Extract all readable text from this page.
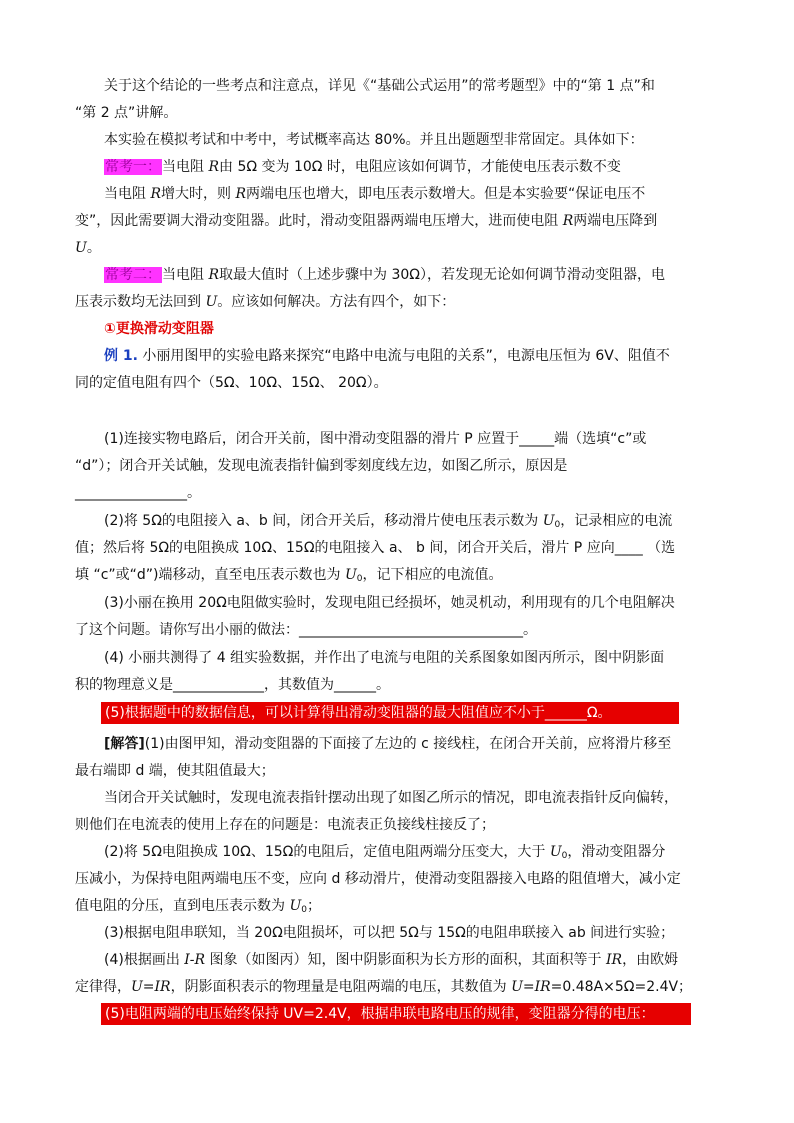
关于这个结论的一些考点和注意点，详见《“基础公式运用”的常考题型》中的“第 1 点”和

“第 2 点”讲解。

本实验在模拟考试和中考中，考试概率高达 80%。并且出题题型非常固定。具体如下：

常考一：当电阻 R由 5Ω 变为 10Ω 时，电阻应该如何调节，才能使电压表示数不变

当电阻 R增大时，则 R两端电压也增大，即电压表示数增大。但是本实验要“保证电压不

变”，因此需要调大滑动变阻器。此时，滑动变阻器两端电压增大，进而使电阻 R两端电压降到

U。

常考二：当电阻 R取最大值时（上述步骤中为 30Ω），若发现无论如何调节滑动变阻器，电

压表示数均无法回到 U。应该如何解决。方法有四个，如下：

①更换滑动变阻器

例 1. 小丽用图甲的实验电路来探究“电路中电流与电阻的关系”，电源电压恒为 6V、阻值不

同的定值电阻有四个（5Ω、10Ω、15Ω、 20Ω）。

(1)连接实物电路后，闭合开关前，图中滑动变阻器的滑片 P 应置于_____端（选填“c”或

“d”）；闭合开关试触，发现电流表指针偏到零刻度线左边，如图乙所示，原因是

________________。

(2)将 5Ω的电阻接入 a、b 间，闭合开关后，移动滑片使电压表示数为 $U_0$，记录相应的电流

值；然后将 5Ω的电阻换成 10Ω、15Ω的电阻接入 a、 b 间，闭合开关后，滑片 P 应向____ （选

填 “c”或“d”)端移动，直至电压表示数也为 $U_0$，记下相应的电流值。

(3)小丽在换用 20Ω电阻做实验时，发现电阻已经损坏，她灵机动，利用现有的几个电阻解决

了这个问题。请你写出小丽的做法：________________________________。

(4) 小丽共测得了 4 组实验数据，并作出了电流与电阻的关系图象如图丙所示，图中阴影面

积的物理意义是_____________，其数值为______。

(5)根据题中的数据信息，可以计算得出滑动变阻器的最大阻值应不小于______Ω。

[解答](1)由图甲知，滑动变阻器的下面接了左边的 c 接线柱，在闭合开关前，应将滑片移至

最右端即 d 端，使其阻值最大；

当闭合开关试触时，发现电流表指针摆动出现了如图乙所示的情况，即电流表指针反向偏转，

则他们在电流表的使用上存在的问题是：电流表正负接线柱接反了；

(2)将 5Ω电阻换成 10Ω、15Ω的电阻后，定值电阻两端分压变大，大于 $U_0$，滑动变阻器分

压减小，为保持电阻两端电压不变，应向 d 移动滑片，使滑动变阻器接入电路的阻值增大，减小定

值电阻的分压，直到电压表示数为 $U_0$；

(3)根据电阻串联知，当 20Ω电阻损坏，可以把 5Ω与 15Ω的电阻串联接入 ab 间进行实验；

(4)根据画出 I-R 图象（如图丙）知，图中阴影面积为长方形的面积，其面积等于 IR，由欧姆

定律得，U=IR，阴影面积表示的物理量是电阻两端的电压，其数值为 U=IR=0.48A×5Ω=2.4V；

(5)电阻两端的电压始终保持 UV=2.4V，根据串联电路电压的规律，变阻器分得的电压：
